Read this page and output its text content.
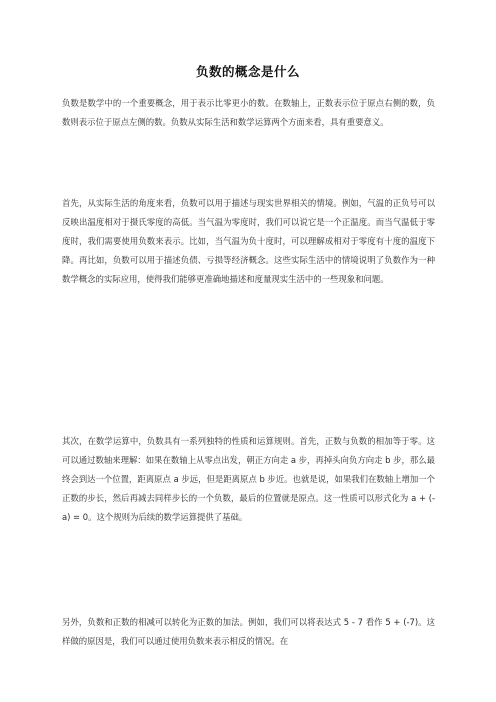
负数的概念是什么

负数是数学中的一个重要概念，用于表示比零更小的数。在数轴上，正数表示位于原点右侧的数，负数则表示位于原点左侧的数。负数从实际生活和数学运算两个方面来看，具有重要意义。

首先，从实际生活的角度来看，负数可以用于描述与现实世界相关的情境。例如，气温的正负号可以反映出温度相对于摄氏零度的高低。当气温为零度时，我们可以说它是一个正温度。而当气温低于零度时，我们需要使用负数来表示。比如，当气温为负十度时，可以理解成相对于零度有十度的温度下降。再比如，负数可以用于描述负债、亏损等经济概念。这些实际生活中的情境说明了负数作为一种数学概念的实际应用，使得我们能够更准确地描述和度量现实生活中的一些现象和问题。

其次，在数学运算中，负数具有一系列独特的性质和运算规则。首先，正数与负数的相加等于零。这可以通过数轴来理解：如果在数轴上从零点出发，朝正方向走 a 步，再掉头向负方向走 b 步，那么最终会到达一个位置，距离原点 a 步远，但是距离原点 b 步近。也就是说，如果我们在数轴上增加一个正数的步长，然后再减去同样步长的一个负数，最后的位置就是原点。这一性质可以形式化为 a + (-a) = 0。这个规则为后续的数学运算提供了基础。

另外，负数和正数的相减可以转化为正数的加法。例如，我们可以将表达式 5 - 7 看作 5 + (-7)。这样做的原因是，我们可以通过使用负数来表示相反的情况。在
